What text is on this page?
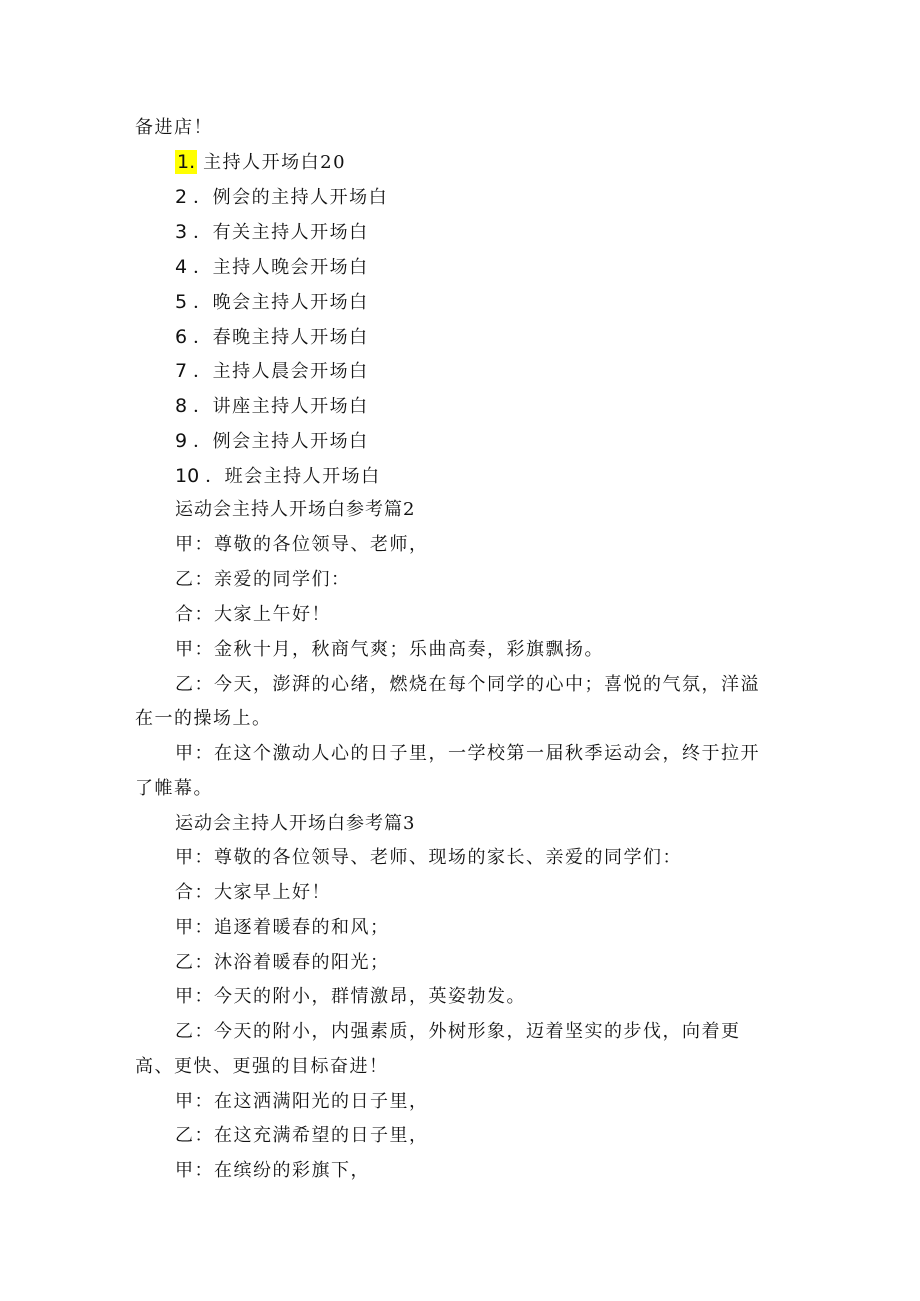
备进店！
1. 主持人开场白20
2 ．例会的主持人开场白
3 ．有关主持人开场白
4 ．主持人晚会开场白
5 ．晚会主持人开场白
6 ．春晚主持人开场白
7 ．主持人晨会开场白
8 ．讲座主持人开场白
9 ．例会主持人开场白
10 ．班会主持人开场白
运动会主持人开场白参考篇2
甲：尊敬的各位领导、老师，
乙：亲爱的同学们：
合：大家上午好！
甲：金秋十月，秋商气爽；乐曲高奏，彩旗飘扬。
乙：今天，澎湃的心绪，燃烧在每个同学的心中；喜悦的气氛，洋溢
在一的操场上。
甲：在这个激动人心的日子里，一学校第一届秋季运动会，终于拉开
了帷幕。
运动会主持人开场白参考篇3
甲：尊敬的各位领导、老师、现场的家长、亲爱的同学们：
合：大家早上好！
甲：追逐着暖春的和风；
乙：沐浴着暖春的阳光；
甲：今天的附小，群情激昂，英姿勃发。
乙：今天的附小，内强素质，外树形象，迈着坚实的步伐，向着更
高、更快、更强的目标奋进！
甲：在这洒满阳光的日子里，
乙：在这充满希望的日子里，
甲：在缤纷的彩旗下，
